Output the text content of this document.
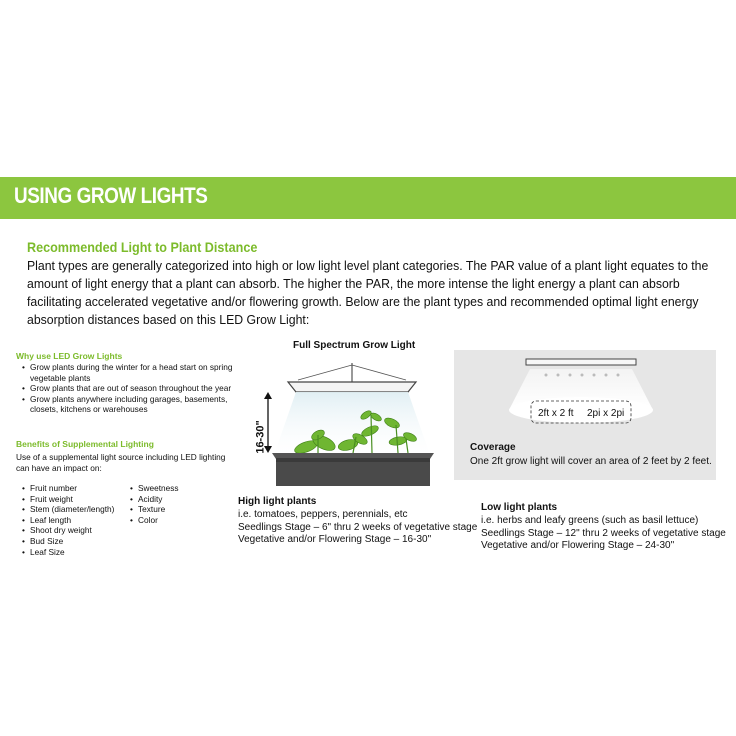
USING GROW LIGHTS
Recommended Light to Plant Distance

Plant types are generally categorized into high or low light level plant categories. The PAR value of a plant light equates to the amount of light energy that a plant can absorb. The higher the PAR, the more intense the light energy a plant can absorb facilitating accelerated vegetative and/or flowering growth. Below are the plant types and recommended optimal light energy absorption distances based on this LED Grow Light:

Why use LED Grow Lights
• Grow plants during the winter for a head start on spring vegetable plants
• Grow plants that are out of season throughout the year
• Grow plants anywhere including garages, basements, closets, kitchens or warehouses
Benefits of Supplemental Lighting
Use of a supplemental light source including LED lighting can have an impact on:
• Fruit number
• Fruit weight
• Stem (diameter/length)
• Leaf length
• Shoot dry weight
• Bud Size
• Leaf Size
• Sweetness
• Acidity
• Texture
• Color
Full Spectrum Grow Light
16-30"
2ft x 2 ft 2pi x 2pi
Coverage
One 2ft grow light will cover an area of 2 feet by 2 feet.
High light plants
i.e. tomatoes, peppers, perennials, etc
Seedlings Stage – 6" thru 2 weeks of vegetative stage
Vegetative and/or Flowering Stage – 16-30"
Low light plants
i.e. herbs and leafy greens (such as basil lettuce)
Seedlings Stage – 12" thru 2 weeks of vegetative stage
Vegetative and/or Flowering Stage – 24-30"
